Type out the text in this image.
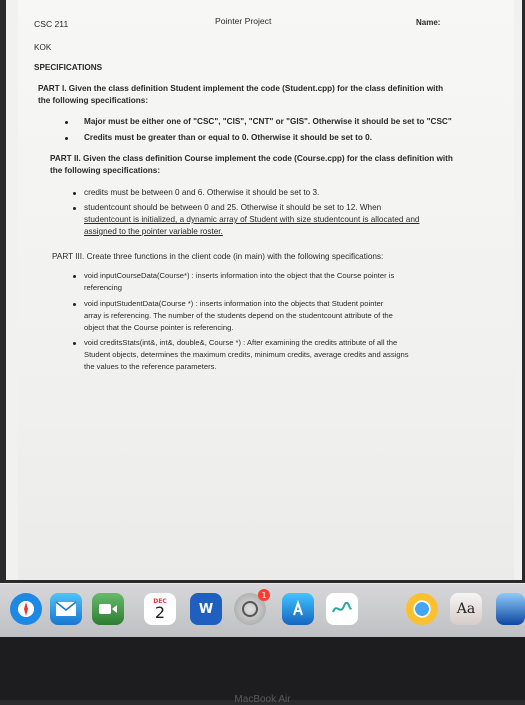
CSC 211	Pointer Project	Name:
KOK
SPECIFICATIONS
PART I. Given the class definition Student implement the code (Student.cpp) for the class definition with
the following specifications:
Major must be either one of "CSC", "CIS", "CNT" or "GIS". Otherwise it should be set to "CSC"
Credits must be greater than or equal to 0. Otherwise it should be set to 0.
PART II. Given the class definition Course implement the code (Course.cpp) for the class definition with
the following specifications:
credits must be between 0 and 6. Otherwise it should be set to 3.
studentcount should be between 0 and 25. Otherwise it should be set to 12. When
studentcount is initialized, a dynamic array of Student with size studentcount is allocated and
assigned to the pointer variable roster.
PART III. Create three functions in the client code (in main) with the following specifications:
void inputCourseData(Course*) : inserts information into the object that the Course pointer is
referencing
void inputStudentData(Course *) : inserts information into the objects that Student pointer
array is referencing. The number of the students depend on the studentcount attribute of the
object that the Course pointer is referencing.
void creditsStats(int&, int&, double&, Course *) : After examining the credits attribute of all the
Student objects, determines the maximum credits, minimum credits, average credits and assigns
the values to the reference parameters.
DEC
2	W
1
Aa
MacBook Air
